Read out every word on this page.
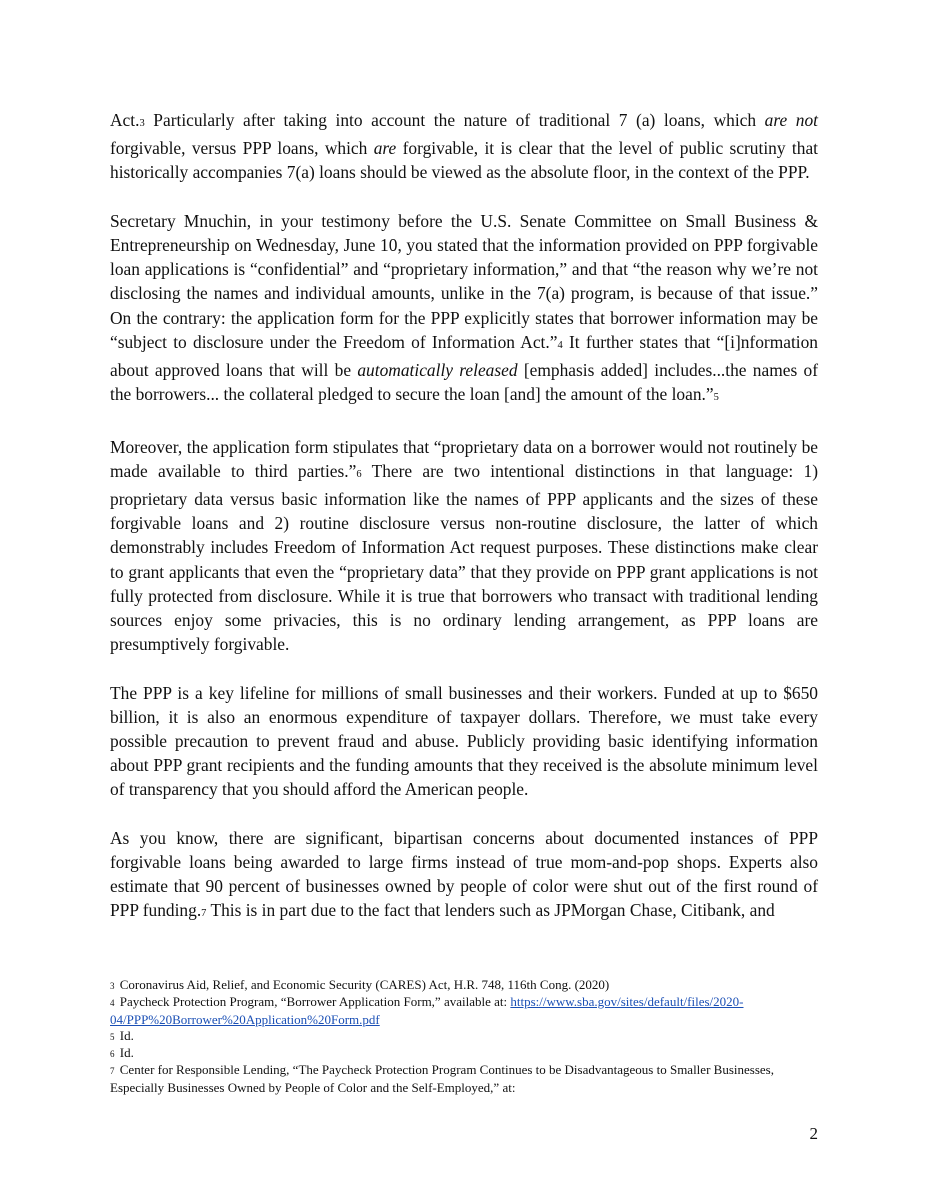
Act.3 Particularly after taking into account the nature of traditional 7 (a) loans, which are not forgivable, versus PPP loans, which are forgivable, it is clear that the level of public scrutiny that historically accompanies 7(a) loans should be viewed as the absolute floor, in the context of the PPP.

Secretary Mnuchin, in your testimony before the U.S. Senate Committee on Small Business & Entrepreneurship on Wednesday, June 10, you stated that the information provided on PPP forgivable loan applications is “confidential” and “proprietary information,” and that “the reason why we’re not disclosing the names and individual amounts, unlike in the 7(a) program, is because of that issue.” On the contrary: the application form for the PPP explicitly states that borrower information may be “subject to disclosure under the Freedom of Information Act.”4 It further states that “[i]nformation about approved loans that will be automatically released [emphasis added] includes...the names of the borrowers... the collateral pledged to secure the loan [and] the amount of the loan.”5

Moreover, the application form stipulates that “proprietary data on a borrower would not routinely be made available to third parties.”6 There are two intentional distinctions in that language: 1) proprietary data versus basic information like the names of PPP applicants and the sizes of these forgivable loans and 2) routine disclosure versus non-routine disclosure, the latter of which demonstrably includes Freedom of Information Act request purposes. These distinctions make clear to grant applicants that even the “proprietary data” that they provide on PPP grant applications is not fully protected from disclosure. While it is true that borrowers who transact with traditional lending sources enjoy some privacies, this is no ordinary lending arrangement, as PPP loans are presumptively forgivable.

The PPP is a key lifeline for millions of small businesses and their workers. Funded at up to $650 billion, it is also an enormous expenditure of taxpayer dollars. Therefore, we must take every possible precaution to prevent fraud and abuse. Publicly providing basic identifying information about PPP grant recipients and the funding amounts that they received is the absolute minimum level of transparency that you should afford the American people.

As you know, there are significant, bipartisan concerns about documented instances of PPP forgivable loans being awarded to large firms instead of true mom-and-pop shops. Experts also estimate that 90 percent of businesses owned by people of color were shut out of the first round of PPP funding.7 This is in part due to the fact that lenders such as JPMorgan Chase, Citibank, and

3 Coronavirus Aid, Relief, and Economic Security (CARES) Act, H.R. 748, 116th Cong. (2020)
4 Paycheck Protection Program, “Borrower Application Form,” available at: https://www.sba.gov/sites/default/files/2020-04/PPP%20Borrower%20Application%20Form.pdf
5 Id.
6 Id.
7 Center for Responsible Lending, “The Paycheck Protection Program Continues to be Disadvantageous to Smaller Businesses, Especially Businesses Owned by People of Color and the Self-Employed,” at:
2
